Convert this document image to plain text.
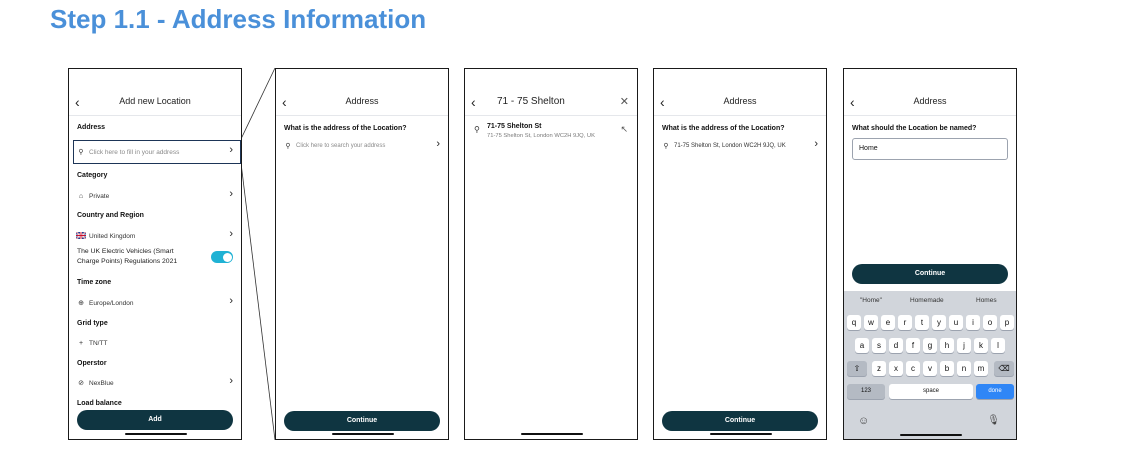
Step 1.1 - Address Information
‹	Add new Location
Address
⚲ Click here to fill in your address	›
Category
⌂ Private	›
Country and Region
United Kingdom	›
The UK Electric Vehicles (Smart
Charge Points) Regulations 2021
Time zone
⊕ Europe/London	›
Grid type
+ TN/TT
Operstor
⊘ NexBlue	›
Load balance
Add
‹	Address
What is the address of the Location?
⚲ Click here to search your address	›
Continue
‹ 71 - 75 Shelton	✕
⚲ 71-75 Shelton St
71-75 Shelton St, London WC2H 9JQ, UK
↖
‹	Address
What is the address of the Location?
⚲ 71-75 Shelton St, London WC2H 9JQ, UK	›
Continue
‹	Address
What should the Location be named?
Home
Continue
"Home"	Homemade	Homes
q	w	e	r	t	y	u	i	o	p
a	s	d	f	g	h	j	k	l
⇧	z	x	c	v	b	n	m	⌫
123	space	done
☺	🎙
